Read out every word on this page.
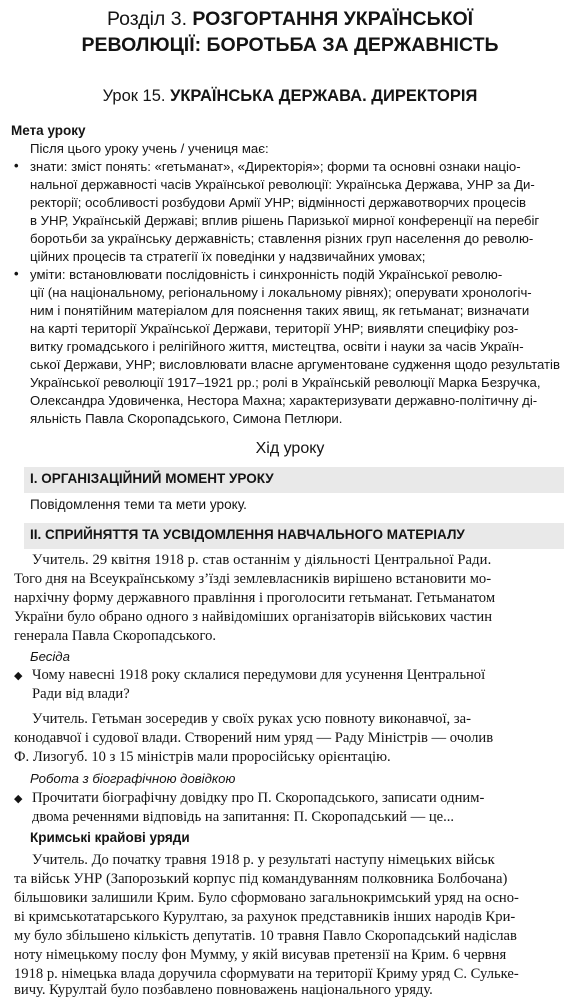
Розділ 3. РОЗГОРТАННЯ УКРАЇНСЬКОЇ
РЕВОЛЮЦІЇ: БОРОТЬБА ЗА ДЕРЖАВНІСТЬ
Урок 15. УКРАЇНСЬКА ДЕРЖАВА. ДИРЕКТОРІЯ
Мета уроку
Після цього уроку учень / учениця має:
• знати: зміст понять: «гетьманат», «Директорія»; форми та основні ознаки націо-
нальної державності часів Української революції: Українська Держава, УНР за Ди-
ректорії; особливості розбудови Армії УНР; відмінності державотворчих процесів
в УНР, Українській Державі; вплив рішень Паризької мирної конференції на перебіг
боротьби за українську державність; ставлення різних груп населення до револю-
ційних процесів та стратегії їх поведінки у надзвичайних умовах;
• уміти: встановлювати послідовність і синхронність подій Української револю-
ції (на національному, регіональному і локальному рівнях); оперувати хронологіч-
ним і понятійним матеріалом для пояснення таких явищ, як гетьманат; визначати
на карті території Української Держави, території УНР; виявляти специфіку роз-
витку громадського і релігійного життя, мистецтва, освіти і науки за часів Україн-
ської Держави, УНР; висловлювати власне аргументоване судження щодо результатів
Української революції 1917–1921 рр.; ролі в Українській революції Марка Безручка,
Олександра Удовиченка, Нестора Махна; характеризувати державно-політичну ді-
яльність Павла Скоропадського, Симона Петлюри.
Хід уроку
I. ОРГАНІЗАЦІЙНИЙ МОМЕНТ УРОКУ
Повідомлення теми та мети уроку.
II. СПРИЙНЯТТЯ ТА УСВІДОМЛЕННЯ НАВЧАЛЬНОГО МАТЕРІАЛУ
Учитель. 29 квітня 1918 р. став останнім у діяльності Центральної Ради.
Того дня на Всеукраїнському з’їзді землевласників вирішено встановити мо-
нархічну форму державного правління і проголосити гетьманат. Гетьманатом
України було обрано одного з найвідоміших організаторів військових частин
генерала Павла Скоропадського.
Бесіда
◆ Чому навесні 1918 року склалися передумови для усунення Центральної
Ради від влади?
Учитель. Гетьман зосередив у своїх руках усю повноту виконавчої, за-
конодавчої і судової влади. Створений ним уряд — Раду Міністрів — очолив
Ф. Лизогуб. 10 з 15 міністрів мали проросійську орієнтацію.
Робота з біографічною довідкою
◆ Прочитати біографічну довідку про П. Скоропадського, записати одним-
двома реченнями відповідь на запитання: П. Скоропадський — це...
Кримські крайові уряди
Учитель. До початку травня 1918 р. у результаті наступу німецьких військ
та військ УНР (Запорозький корпус під командуванням полковника Болбочана)
більшовики залишили Крим. Було сформовано загальнокримський уряд на осно-
ві кримськотатарського Курултаю, за рахунок представників інших народів Кри-
му було збільшено кількість депутатів. 10 травня Павло Скоропадський надіслав
ноту німецькому послу фон Мумму, у якій висував претензії на Крим. 6 червня
1918 р. німецька влада доручила сформувати на території Криму уряд С. Сульке-
вичу. Курултай було позбавлено повноважень національного уряду.
